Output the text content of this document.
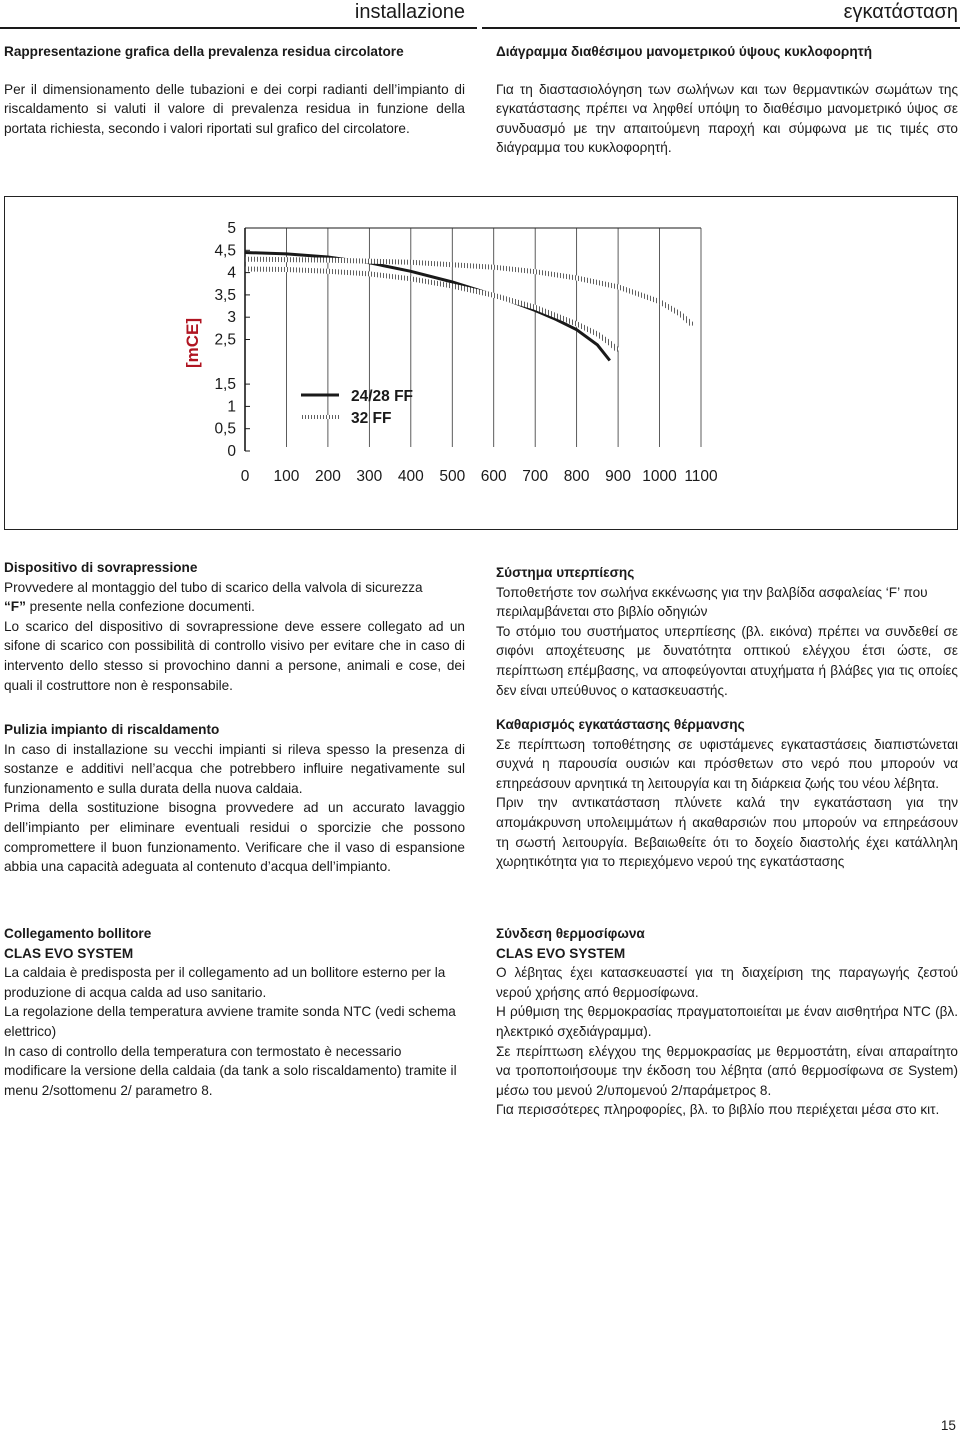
installazione	εγκατάσταση
Rappresentazione grafica della prevalenza residua circolatore

Per il dimensionamento delle tubazioni e dei corpi radianti dell’impianto di riscaldamento si valuti il valore di prevalenza residua in funzione della portata richiesta, secondo i valori riportati sul grafico del circolatore.

Διάγραμμα διαθέσιμου μανομετρικού ύψους κυκλοφορητή

Για τη διαστασιολόγηση των σωλήνων και των θερμαντικών σωμάτων της εγκατάστασης πρέπει να ληφθεί υπόψη το διαθέσιμο μανομετρικό ύψος σε συνδυασμό με την απαιτούμενη παροχή και σύμφωνα με τις τιμές στο διάγραμμα του κυκλοφορητή.

5
4,5
4
3,5
3
2,5
1,5
1
0,5
0
0 100 200 300 400 500 600 700 800 900 1000 1100
24/28 FF
32 FF
[mCE]
Dispositivo di sovrapressione

Provvedere al montaggio del tubo di scarico della valvola di sicurezza

“F” presente nella confezione documenti.

Lo scarico del dispositivo di sovrapressione deve essere collegato ad un sifone di scarico con possibilità di controllo visivo per evitare che in caso di intervento dello stesso si provochino danni a persone, animali e cose, dei quali il costruttore non è responsabile.

Σύστημα υπερπίεσης

Τοποθετήστε τον σωλήνα εκκένωσης για την βαλβίδα ασφαλείας ‘F’ που περιλαμβάνεται στο βιβλίο οδηγιών

Το στόμιο του συστήματος υπερπίεσης (βλ. εικόνα) πρέπει να συνδεθεί σε σιφόνι αποχέτευσης με δυνατότητα οπτικού ελέγχου έτσι ώστε, σε περίπτωση επέμβασης, να αποφεύγονται ατυχήματα ή βλάβες για τις οποίες δεν είναι υπεύθυνος ο κατασκευαστής.

Pulizia impianto di riscaldamento

In caso di installazione su vecchi impianti si rileva spesso la presenza di sostanze e additivi nell’acqua che potrebbero influire negativamente sul funzionamento e sulla durata della nuova caldaia.

Prima della sostituzione bisogna provvedere ad un accurato lavaggio dell’impianto per eliminare eventuali residui o sporcizie che possono compromettere il buon funzionamento. Verificare che il vaso di espansione abbia una capacità adeguata al contenuto d’acqua dell’impianto.

Καθαρισμός εγκατάστασης θέρμανσης

Σε περίπτωση τοποθέτησης σε υφιστάμενες εγκαταστάσεις διαπιστώνεται συχνά η παρουσία ουσιών και πρόσθετων στο νερό που μπορούν να επηρεάσουν αρνητικά τη λειτουργία και τη διάρκεια ζωής του νέου λέβητα.

Πριν την αντικατάσταση πλύνετε καλά την εγκατάσταση για την απομάκρυνση υπολειμμάτων ή ακαθαρσιών που μπορούν να επηρεάσουν τη σωστή λειτουργία. Βεβαιωθείτε ότι το δοχείο διαστολής έχει κατάλληλη χωρητικότητα για το περιεχόμενο νερού της εγκατάστασης

Collegamento bollitore
CLAS EVO SYSTEM

La caldaia è predisposta per il collegamento ad un bollitore esterno per la produzione di acqua calda ad uso sanitario.

La regolazione della temperatura avviene tramite sonda NTC (vedi schema elettrico)

In caso di controllo della temperatura con termostato è necessario modificare la versione della caldaia (da tank a solo riscaldamento) tramite il menu 2/sottomenu 2/ parametro 8.

Σύνδεση θερμοσίφωνα
CLAS EVO SYSTEM

Ο λέβητας έχει κατασκευαστεί για τη διαχείριση της παραγωγής ζεστού νερού χρήσης από θερμοσίφωνα.

Η ρύθμιση της θερμοκρασίας πραγματοποιείται με έναν αισθητήρα NTC (βλ. ηλεκτρικό σχεδιάγραμμα).

Σε περίπτωση ελέγχου της θερμοκρασίας με θερμοστάτη, είναι απαραίτητο να τροποποιήσουμε την έκδοση του λέβητα (από θερμοσίφωνα σε System) μέσω του μενού 2/υπομενού 2/παράμετρος 8.

Για περισσότερες πληροφορίες, βλ. το βιβλίο που περιέχεται μέσα στο κιτ.

15
